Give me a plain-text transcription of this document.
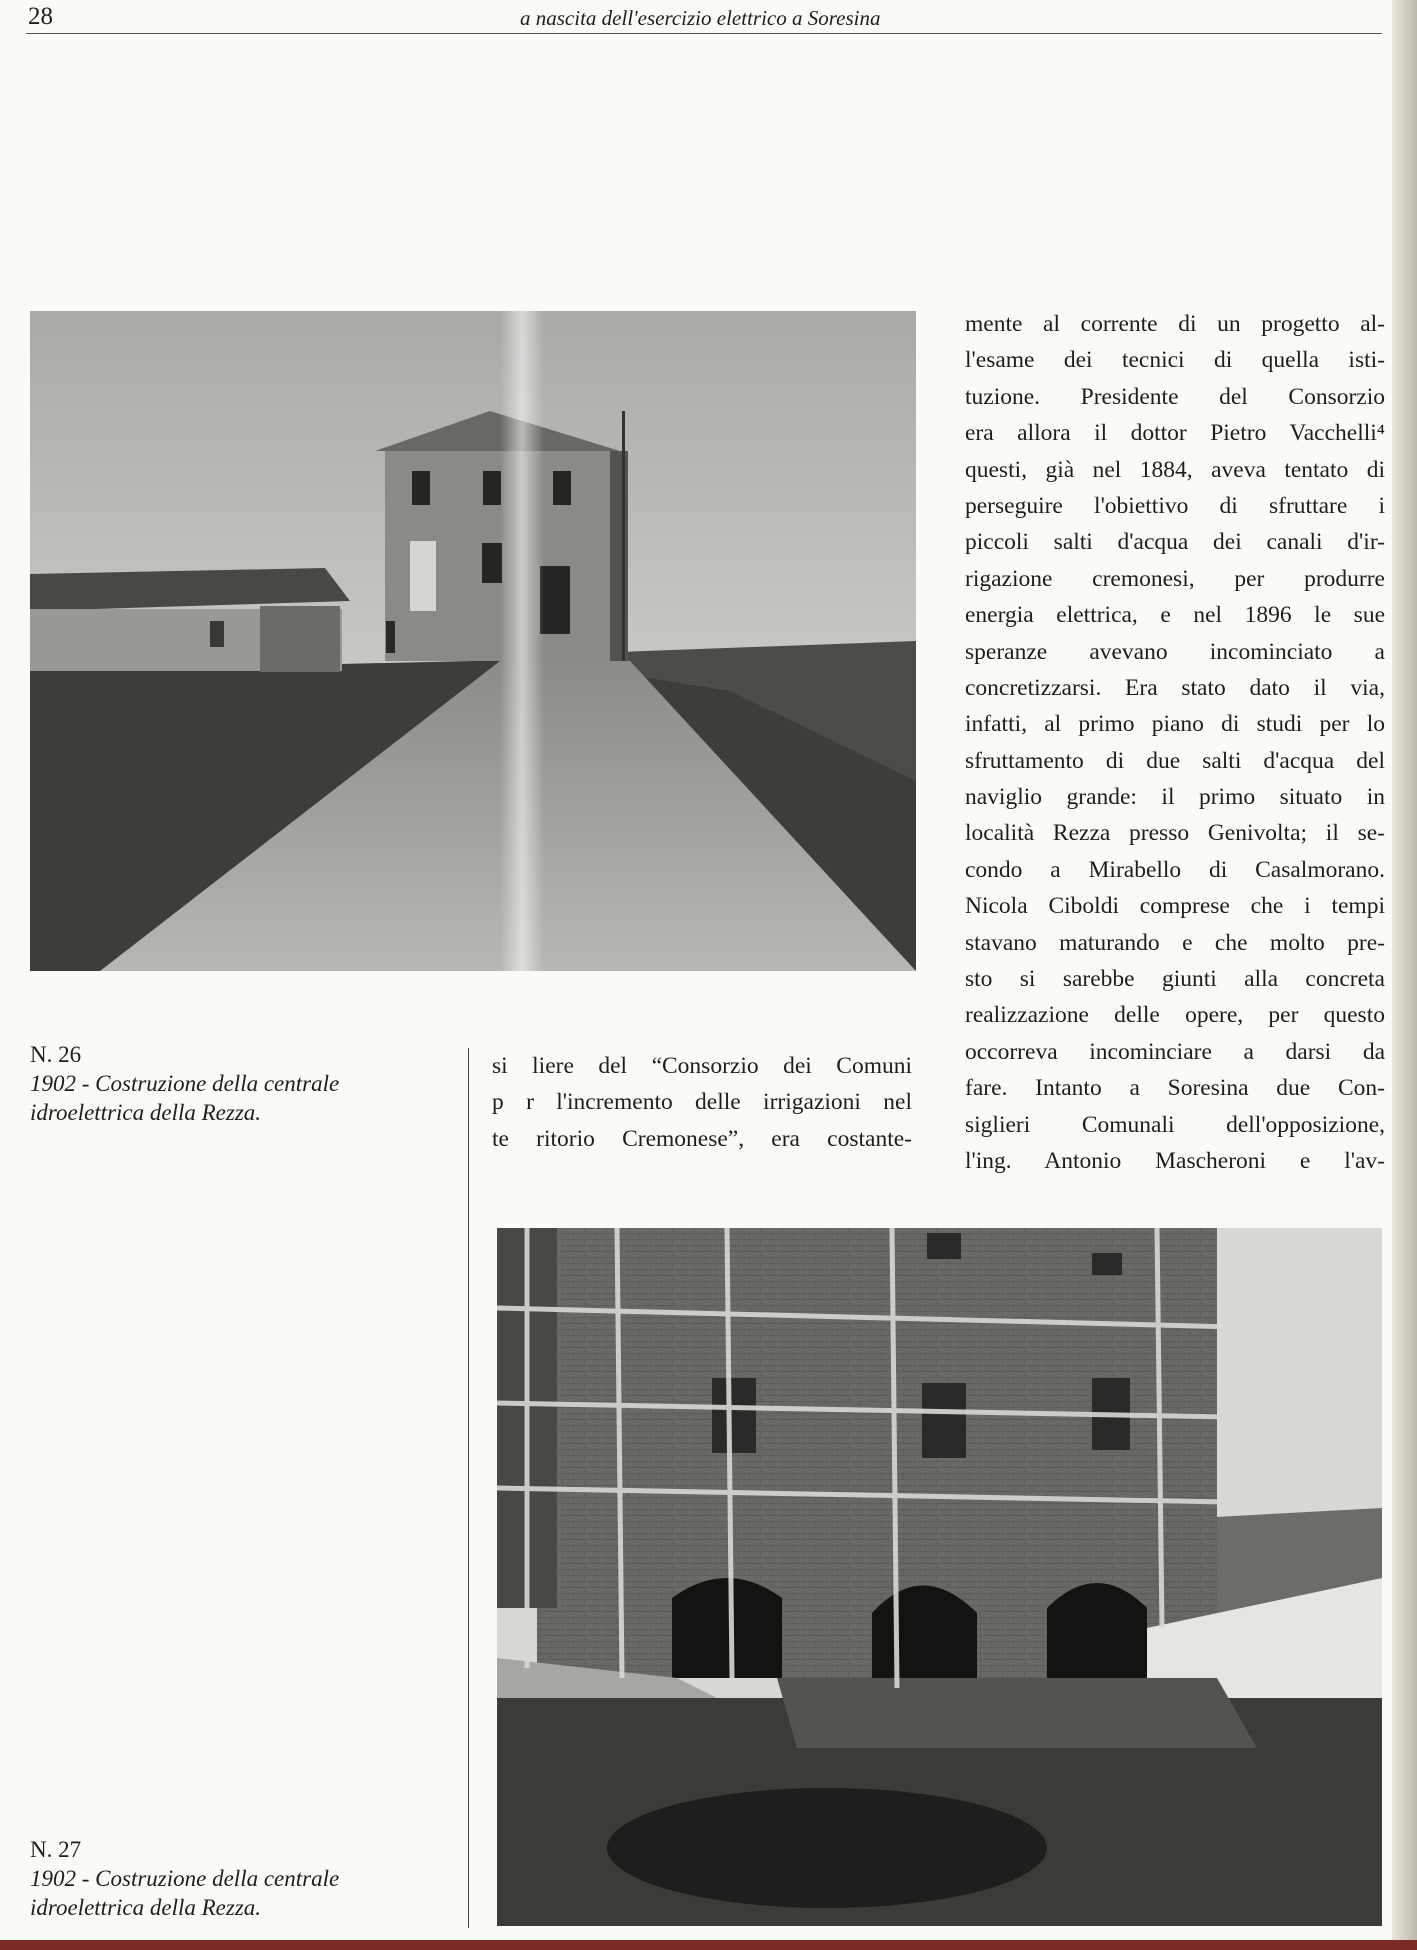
28	a nascita dell'esercizio elettrico a Soresina
N. 26
1902 - Costruzione della centrale
idroelettrica della Rezza.
mente al corrente di un progetto al-
l'esame dei tecnici di quella isti-
tuzione. Presidente del Consorzio
era allora il dottor Pietro Vacchelli⁴
questi, già nel 1884, aveva tentato di
perseguire l'obiettivo di sfruttare i
piccoli salti d'acqua dei canali d'ir-
rigazione cremonesi, per produrre
energia elettrica, e nel 1896 le sue
speranze avevano incominciato a
concretizzarsi. Era stato dato il via,
infatti, al primo piano di studi per lo
sfruttamento di due salti d'acqua del
naviglio grande: il primo situato in
località Rezza presso Genivolta; il se-
condo a Mirabello di Casalmorano.
Nicola Ciboldi comprese che i tempi
stavano maturando e che molto pre-
sto si sarebbe giunti alla concreta
realizzazione delle opere, per questo
occorreva incominciare a darsi da
fare. Intanto a Soresina due Con-
siglieri Comunali dell'opposizione,
l'ing. Antonio Mascheroni e l'av-
si liere del “Consorzio dei Comuni
p r l'incremento delle irrigazioni nel
te ritorio Cremonese”, era costante-
N. 27
1902 - Costruzione della centrale
idroelettrica della Rezza.
